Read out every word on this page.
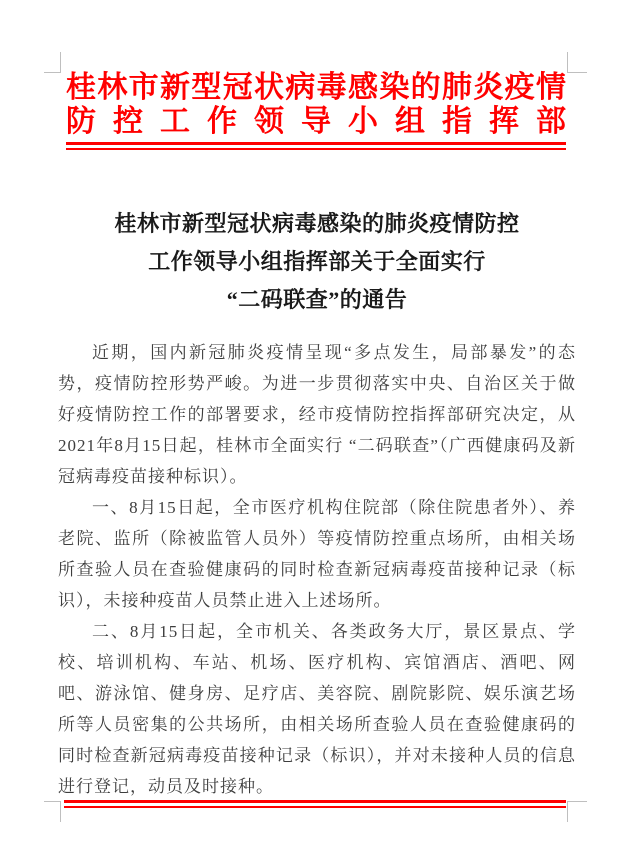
桂林市新型冠状病毒感染的肺炎疫情
防控工作领导小组指挥部
桂林市新型冠状病毒感染的肺炎疫情防控
工作领导小组指挥部关于全面实行
“二码联查”的通告

近期，国内新冠肺炎疫情呈现“多点发生，局部暴发”的态势，疫情防控形势严峻。为进一步贯彻落实中央、自治区关于做好疫情防控工作的部署要求，经市疫情防控指挥部研究决定，从2021年8月15日起，桂林市全面实行 “二码联查”（广西健康码及新冠病毒疫苗接种标识）。

一、8月15日起，全市医疗机构住院部（除住院患者外）、养老院、监所（除被监管人员外）等疫情防控重点场所，由相关场所查验人员在查验健康码的同时检查新冠病毒疫苗接种记录（标识），未接种疫苗人员禁止进入上述场所。

二、8月15日起，全市机关、各类政务大厅，景区景点、学校、培训机构、车站、机场、医疗机构、宾馆酒店、酒吧、网吧、游泳馆、健身房、足疗店、美容院、剧院影院、娱乐演艺场所等人员密集的公共场所，由相关场所查验人员在查验健康码的同时检查新冠病毒疫苗接种记录（标识），并对未接种人员的信息进行登记，动员及时接种。
